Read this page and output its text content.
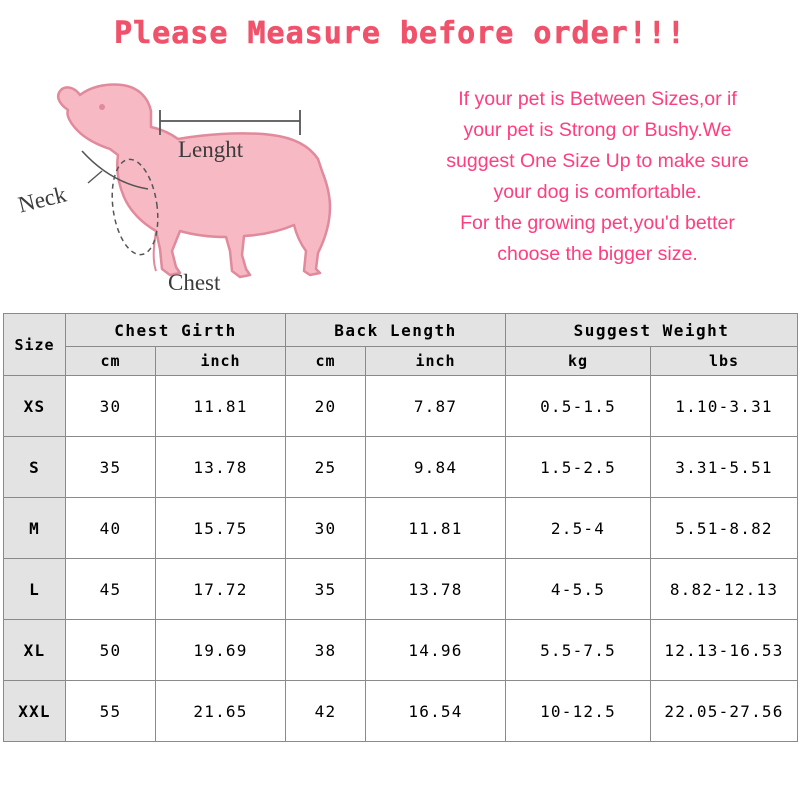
Please Measure before order!!!
Neck
Lenght
Chest
If your pet is Between Sizes,or if
your pet is Strong or Bushy.We
suggest One Size Up to make sure
your dog is comfortable.
For the growing pet,you'd better
choose the bigger size.
Size	Chest Girth		Back Length		Suggest Weight	
	cm	inch	cm	inch	kg	lbs
XS	30	11.81	20	7.87	0.5-1.5	1.10-3.31
S	35	13.78	25	9.84	1.5-2.5	3.31-5.51
M	40	15.75	30	11.81	2.5-4	5.51-8.82
L	45	17.72	35	13.78	4-5.5	8.82-12.13
XL	50	19.69	38	14.96	5.5-7.5	12.13-16.53
XXL	55	21.65	42	16.54	10-12.5	22.05-27.56
